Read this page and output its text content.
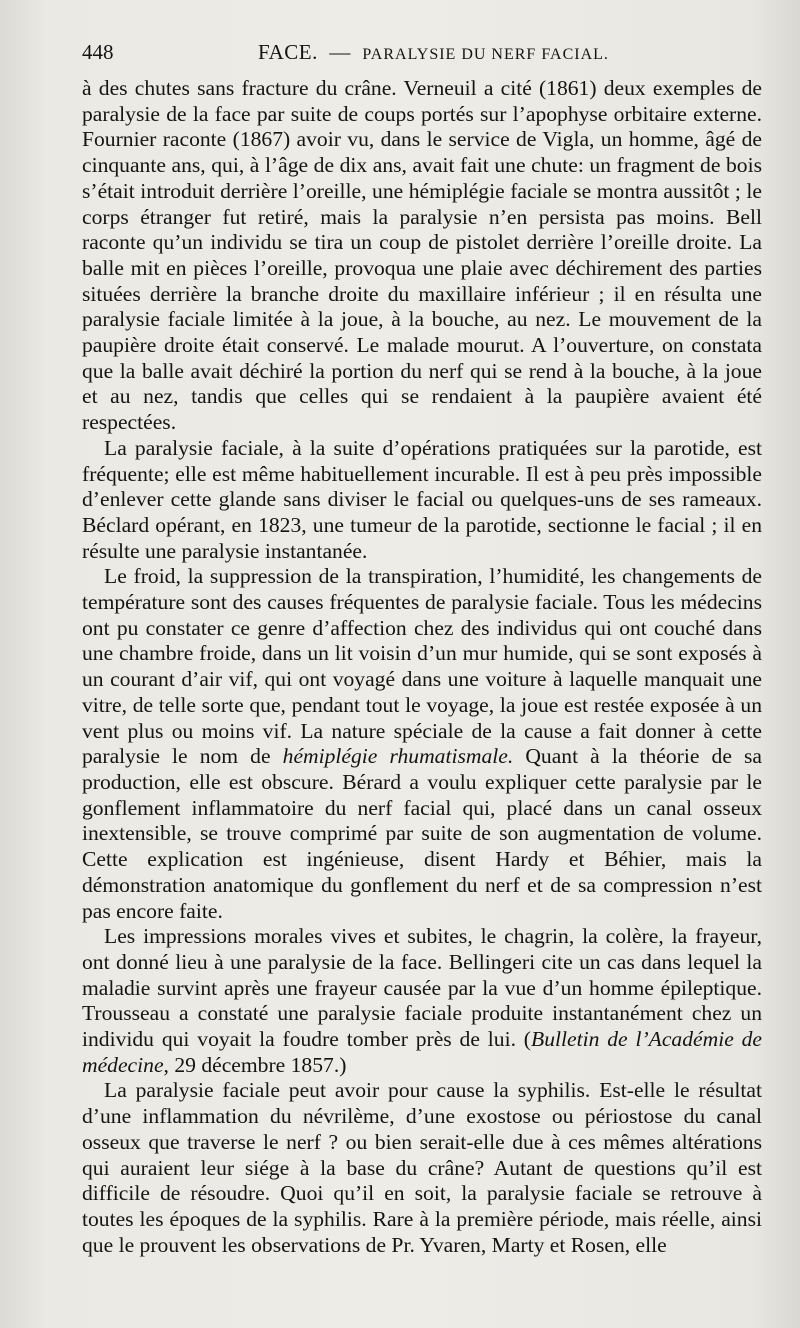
448	FACE. — PARALYSIE DU NERF FACIAL.

à des chutes sans fracture du crâne. Verneuil a cité (1861) deux exemples de paralysie de la face par suite de coups portés sur l’apophyse orbitaire externe. Fournier raconte (1867) avoir vu, dans le service de Vigla, un homme, âgé de cinquante ans, qui, à l’âge de dix ans, avait fait une chute: un fragment de bois s’était introduit derrière l’oreille, une hémiplégie faciale se montra aussitôt ; le corps étranger fut retiré, mais la paralysie n’en persista pas moins. Bell raconte qu’un individu se tira un coup de pistolet derrière l’oreille droite. La balle mit en pièces l’oreille, provoqua une plaie avec déchirement des parties situées derrière la branche droite du maxillaire inférieur ; il en résulta une paralysie faciale limitée à la joue, à la bouche, au nez. Le mouvement de la paupière droite était conservé. Le malade mourut. A l’ouverture, on constata que la balle avait déchiré la portion du nerf qui se rend à la bouche, à la joue et au nez, tandis que celles qui se rendaient à la paupière avaient été respectées.

La paralysie faciale, à la suite d’opérations pratiquées sur la parotide, est fréquente; elle est même habituellement incurable. Il est à peu près impossible d’enlever cette glande sans diviser le facial ou quelques-uns de ses rameaux. Béclard opérant, en 1823, une tumeur de la parotide, sectionne le facial ; il en résulte une paralysie instantanée.

Le froid, la suppression de la transpiration, l’humidité, les changements de température sont des causes fréquentes de paralysie faciale. Tous les médecins ont pu constater ce genre d’affection chez des individus qui ont couché dans une chambre froide, dans un lit voisin d’un mur humide, qui se sont exposés à un courant d’air vif, qui ont voyagé dans une voiture à laquelle manquait une vitre, de telle sorte que, pendant tout le voyage, la joue est restée exposée à un vent plus ou moins vif. La nature spéciale de la cause a fait donner à cette paralysie le nom de hémiplégie rhumatismale. Quant à la théorie de sa production, elle est obscure. Bérard a voulu expliquer cette paralysie par le gonflement inflammatoire du nerf facial qui, placé dans un canal osseux inextensible, se trouve comprimé par suite de son augmentation de volume. Cette explication est ingénieuse, disent Hardy et Béhier, mais la démonstration anatomique du gonflement du nerf et de sa compression n’est pas encore faite.

Les impressions morales vives et subites, le chagrin, la colère, la frayeur, ont donné lieu à une paralysie de la face. Bellingeri cite un cas dans lequel la maladie survint après une frayeur causée par la vue d’un homme épileptique. Trousseau a constaté une paralysie faciale produite instantanément chez un individu qui voyait la foudre tomber près de lui. (Bulletin de l’Académie de médecine, 29 décembre 1857.)

La paralysie faciale peut avoir pour cause la syphilis. Est-elle le résultat d’une inflammation du névrilème, d’une exostose ou périostose du canal osseux que traverse le nerf ? ou bien serait-elle due à ces mêmes altérations qui auraient leur siége à la base du crâne? Autant de questions qu’il est difficile de résoudre. Quoi qu’il en soit, la paralysie faciale se retrouve à toutes les époques de la syphilis. Rare à la première période, mais réelle, ainsi que le prouvent les observations de Pr. Yvaren, Marty et Rosen, elle
